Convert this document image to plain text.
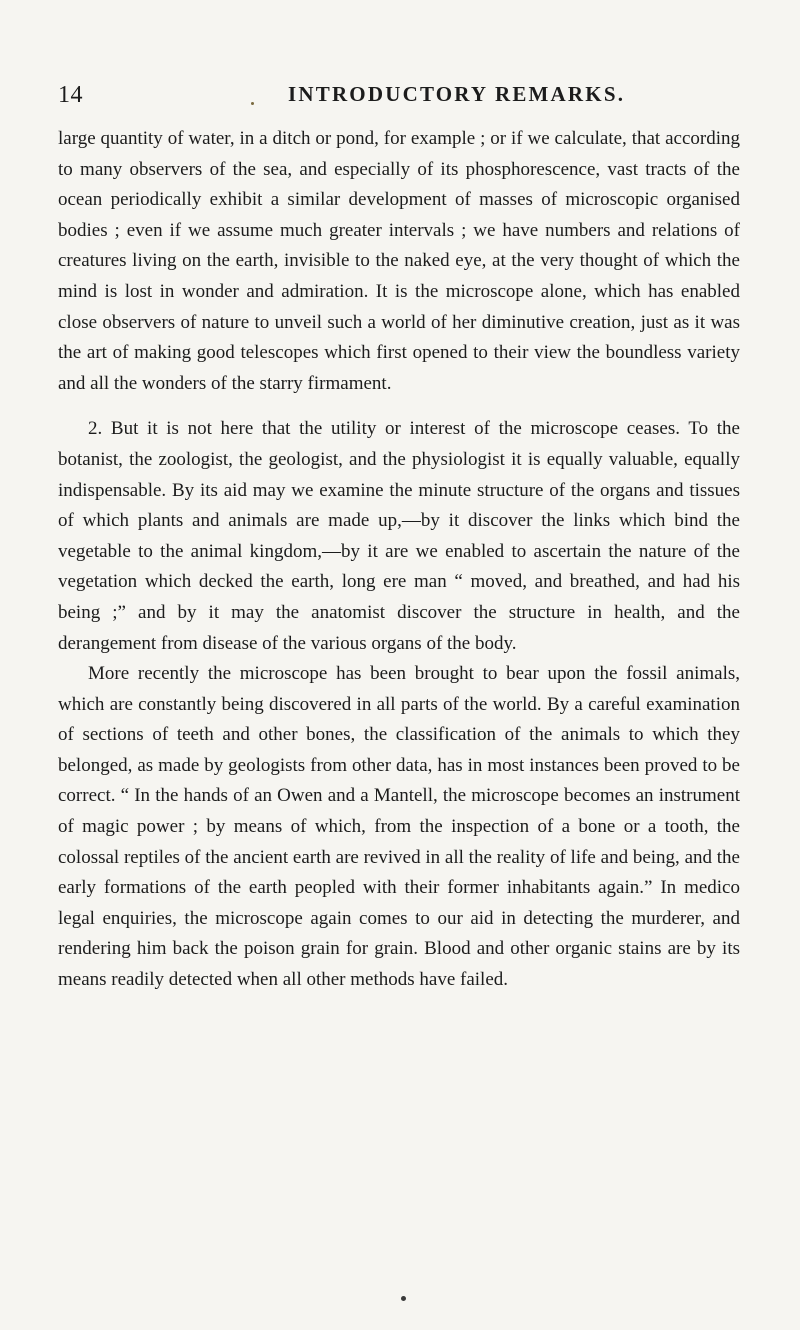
14	INTRODUCTORY REMARKS.

large quantity of water, in a ditch or pond, for example ; or if we calculate, that according to many observers of the sea, and especially of its phosphorescence, vast tracts of the ocean periodically exhibit a similar development of masses of microscopic organised bodies ; even if we assume much greater intervals ; we have numbers and relations of creatures living on the earth, invisible to the naked eye, at the very thought of which the mind is lost in wonder and admiration. It is the microscope alone, which has enabled close observers of nature to unveil such a world of her diminutive creation, just as it was the art of making good telescopes which first opened to their view the boundless variety and all the wonders of the starry firmament.

2. But it is not here that the utility or interest of the microscope ceases. To the botanist, the zoologist, the geologist, and the physiologist it is equally valuable, equally indispensable. By its aid may we examine the minute structure of the organs and tissues of which plants and animals are made up,—by it discover the links which bind the vegetable to the animal kingdom,—by it are we enabled to ascertain the nature of the vegetation which decked the earth, long ere man “ moved, and breathed, and had his being ;” and by it may the anatomist discover the structure in health, and the derangement from disease of the various organs of the body.

More recently the microscope has been brought to bear upon the fossil animals, which are constantly being discovered in all parts of the world. By a careful examination of sections of teeth and other bones, the classification of the animals to which they belonged, as made by geologists from other data, has in most instances been proved to be correct. “ In the hands of an Owen and a Mantell, the microscope becomes an instrument of magic power ; by means of which, from the inspection of a bone or a tooth, the colossal reptiles of the ancient earth are revived in all the reality of life and being, and the early formations of the earth peopled with their former inhabitants again.” In medico legal enquiries, the microscope again comes to our aid in detecting the murderer, and rendering him back the poison grain for grain. Blood and other organic stains are by its means readily detected when all other methods have failed.
